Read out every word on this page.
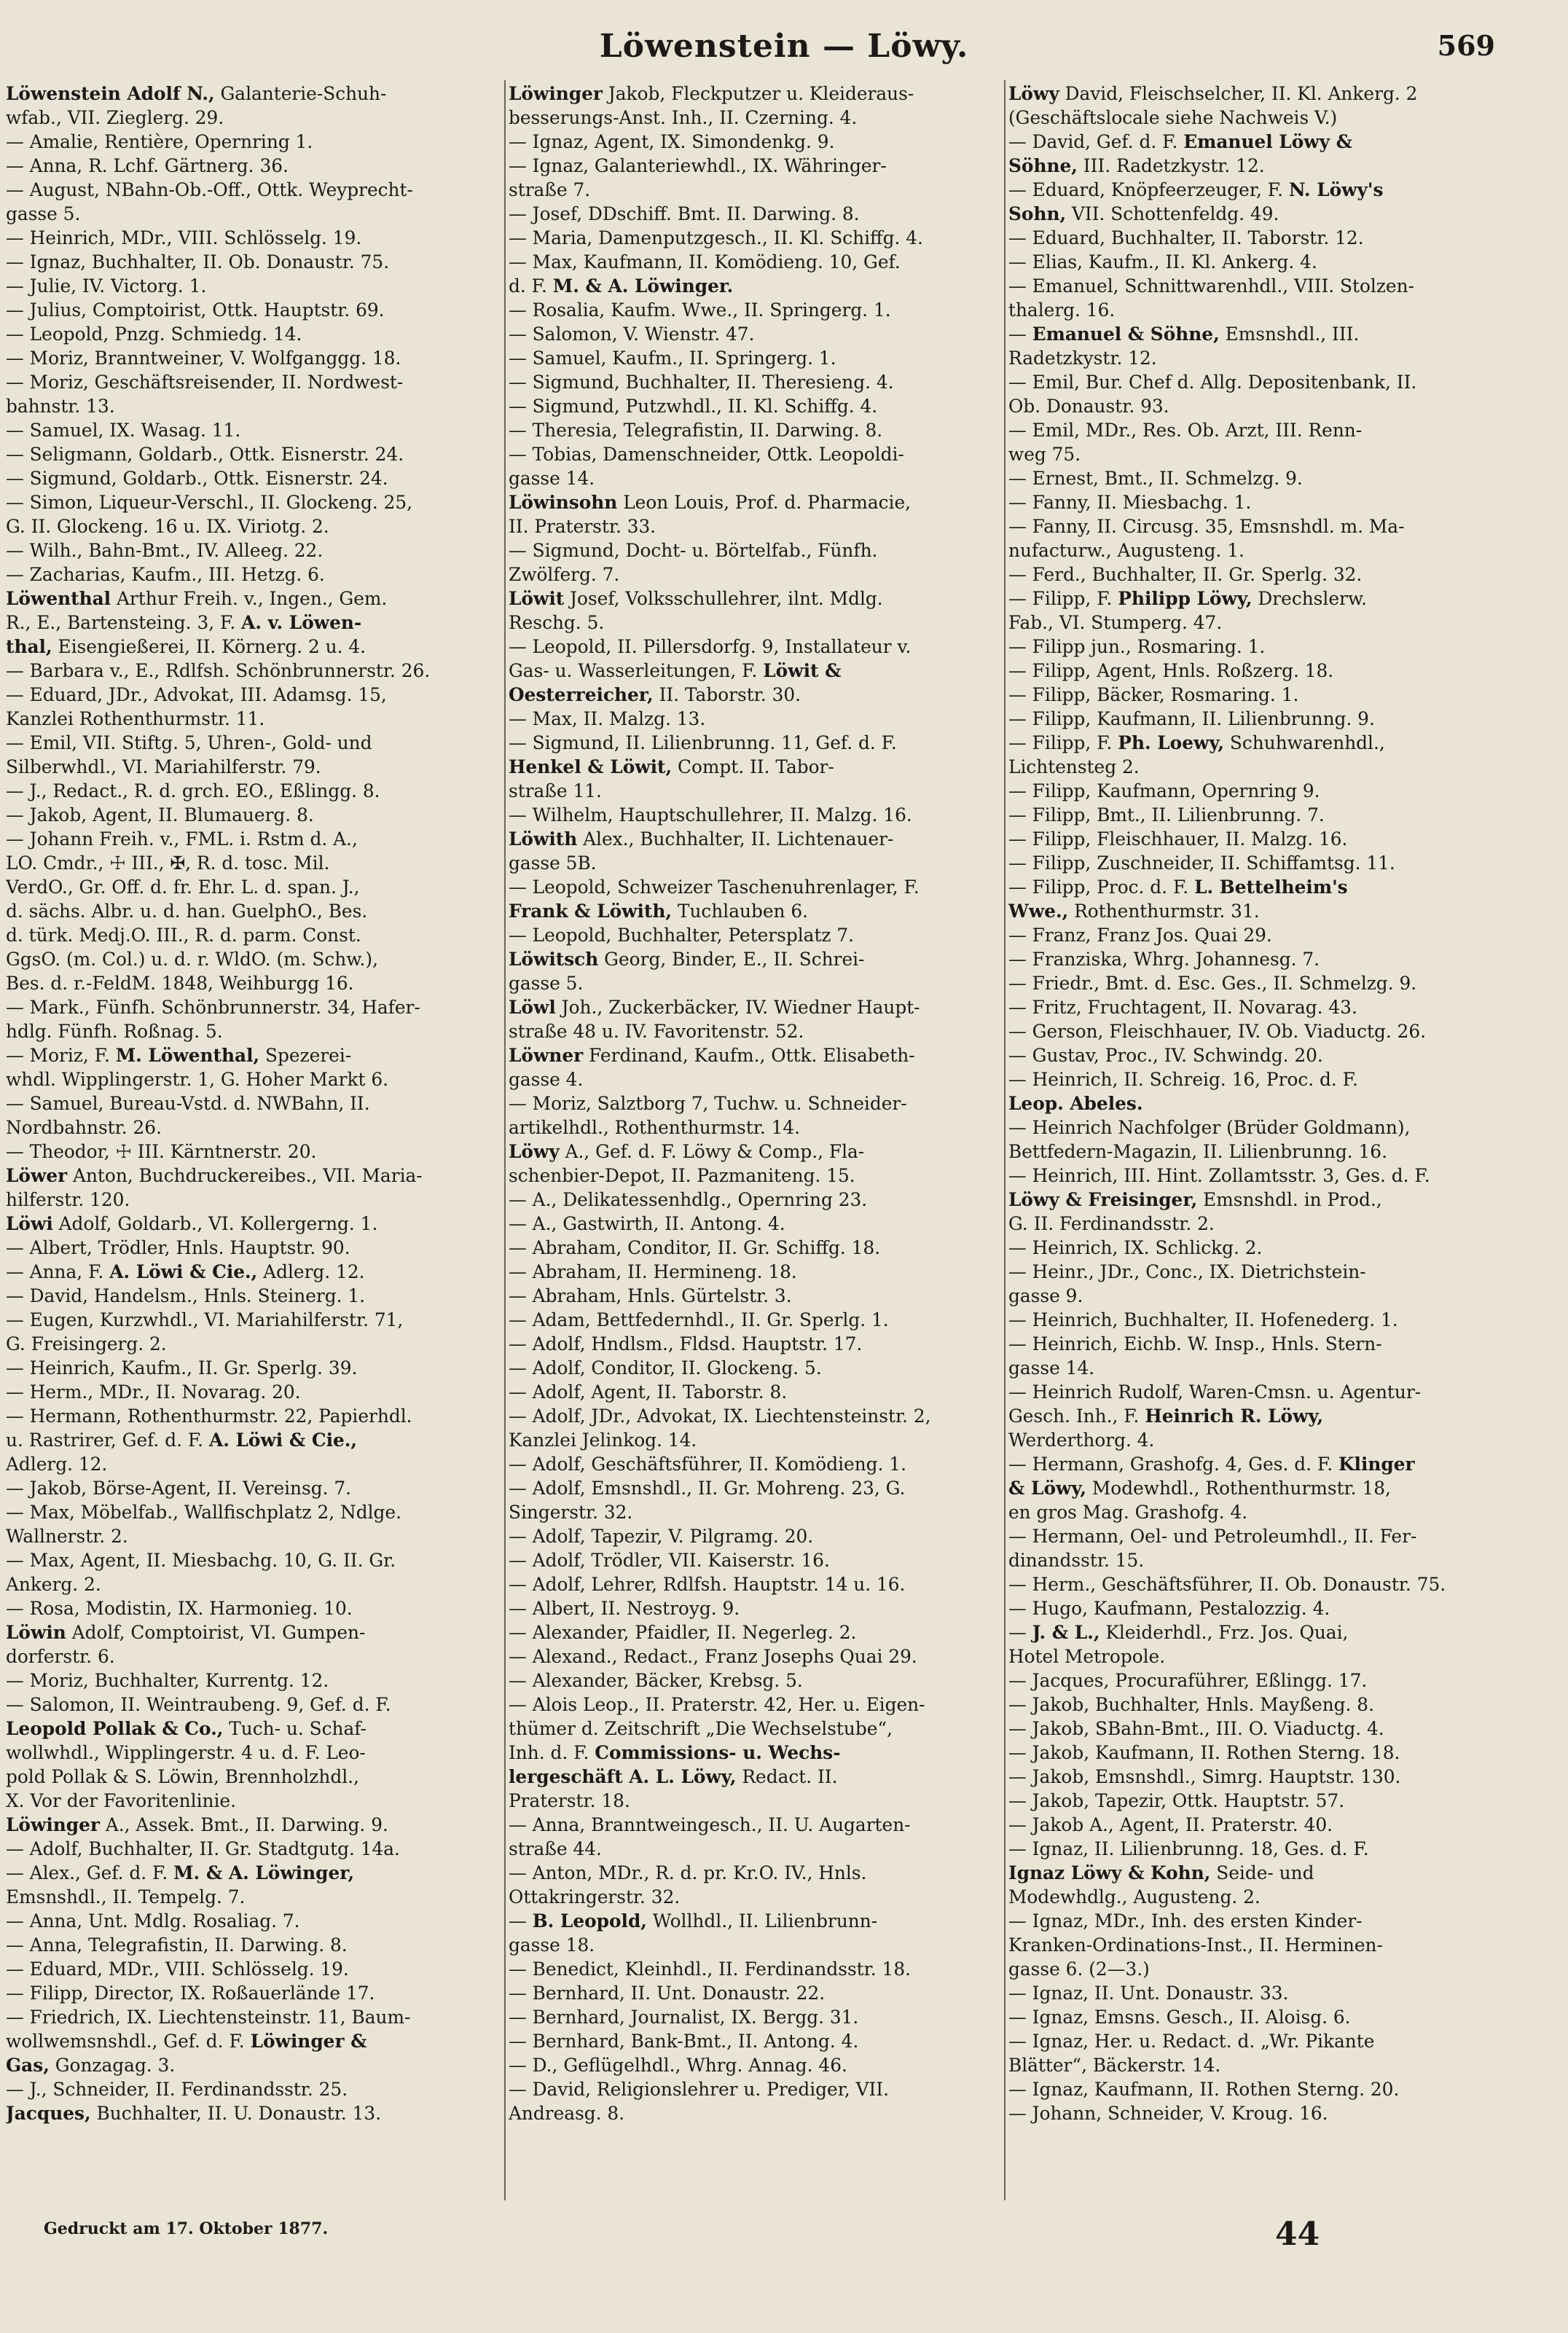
Löwenstein — Löwy.	569
Löwenstein Adolf N., Galanterie-Schuh-
wfab., VII. Zieglerg. 29.
— Amalie, Rentière, Opernring 1.
— Anna, R. Lchf. Gärtnerg. 36.
— August, NBahn-Ob.-Off., Ottk. Weyprecht-
gasse 5.
— Heinrich, MDr., VIII. Schlösselg. 19.
— Ignaz, Buchhalter, II. Ob. Donaustr. 75.
— Julie, IV. Victorg. 1.
— Julius, Comptoirist, Ottk. Hauptstr. 69.
— Leopold, Pnzg. Schmiedg. 14.
— Moriz, Branntweiner, V. Wolfganggg. 18.
— Moriz, Geschäftsreisender, II. Nordwest-
bahnstr. 13.
— Samuel, IX. Wasag. 11.
— Seligmann, Goldarb., Ottk. Eisnerstr. 24.
— Sigmund, Goldarb., Ottk. Eisnerstr. 24.
— Simon, Liqueur-Verschl., II. Glockeng. 25,
G. II. Glockeng. 16 u. IX. Viriotg. 2.
— Wilh., Bahn-Bmt., IV. Alleeg. 22.
— Zacharias, Kaufm., III. Hetzg. 6.
Löwenthal Arthur Freih. v., Ingen., Gem.
R., E., Bartensteing. 3, F. A. v. Löwen-
thal, Eisengießerei, II. Körnerg. 2 u. 4.
— Barbara v., E., Rdlfsh. Schönbrunnerstr. 26.
— Eduard, JDr., Advokat, III. Adamsg. 15,
Kanzlei Rothenthurmstr. 11.
— Emil, VII. Stiftg. 5, Uhren-, Gold- und
Silberwhdl., VI. Mariahilferstr. 79.
— J., Redact., R. d. grch. EO., Eßlingg. 8.
— Jakob, Agent, II. Blumauerg. 8.
— Johann Freih. v., FML. i. Rstm d. A.,
LO. Cmdr., ☩ III., ✠, R. d. tosc. Mil.
VerdO., Gr. Off. d. fr. Ehr. L. d. span. J.,
d. sächs. Albr. u. d. han. GuelphO., Bes.
d. türk. Medj.O. III., R. d. parm. Const.
GgsO. (m. Col.) u. d. r. WldO. (m. Schw.),
Bes. d. r.-FeldM. 1848, Weihburgg 16.
— Mark., Fünfh. Schönbrunnerstr. 34, Hafer-
hdlg. Fünfh. Roßnag. 5.
— Moriz, F. M. Löwenthal, Spezerei-
whdl. Wipplingerstr. 1, G. Hoher Markt 6.
— Samuel, Bureau-Vstd. d. NWBahn, II.
Nordbahnstr. 26.
— Theodor, ☩ III. Kärntnerstr. 20.
Löwer Anton, Buchdruckereibes., VII. Maria-
hilferstr. 120.
Löwi Adolf, Goldarb., VI. Kollergerng. 1.
— Albert, Trödler, Hnls. Hauptstr. 90.
— Anna, F. A. Löwi & Cie., Adlerg. 12.
— David, Handelsm., Hnls. Steinerg. 1.
— Eugen, Kurzwhdl., VI. Mariahilferstr. 71,
G. Freisingerg. 2.
— Heinrich, Kaufm., II. Gr. Sperlg. 39.
— Herm., MDr., II. Novarag. 20.
— Hermann, Rothenthurmstr. 22, Papierhdl.
u. Rastrirer, Gef. d. F. A. Löwi & Cie.,
Adlerg. 12.
— Jakob, Börse-Agent, II. Vereinsg. 7.
— Max, Möbelfab., Wallfischplatz 2, Ndlge.
Wallnerstr. 2.
— Max, Agent, II. Miesbachg. 10, G. II. Gr.
Ankerg. 2.
— Rosa, Modistin, IX. Harmonieg. 10.
Löwin Adolf, Comptoirist, VI. Gumpen-
dorferstr. 6.
— Moriz, Buchhalter, Kurrentg. 12.
— Salomon, II. Weintraubeng. 9, Gef. d. F.
Leopold Pollak & Co., Tuch- u. Schaf-
wollwhdl., Wipplingerstr. 4 u. d. F. Leo-
pold Pollak & S. Löwin, Brennholzhdl.,
X. Vor der Favoritenlinie.
Löwinger A., Assek. Bmt., II. Darwing. 9.
— Adolf, Buchhalter, II. Gr. Stadtgutg. 14a.
— Alex., Gef. d. F. M. & A. Löwinger,
Emsnshdl., II. Tempelg. 7.
— Anna, Unt. Mdlg. Rosaliag. 7.
— Anna, Telegrafistin, II. Darwing. 8.
— Eduard, MDr., VIII. Schlösselg. 19.
— Filipp, Director, IX. Roßauerlände 17.
— Friedrich, IX. Liechtensteinstr. 11, Baum-
wollwemsnshdl., Gef. d. F. Löwinger &
Gas, Gonzagag. 3.
— J., Schneider, II. Ferdinandsstr. 25.
Jacques, Buchhalter, II. U. Donaustr. 13.
Löwinger Jakob, Fleckputzer u. Kleideraus-
besserungs-Anst. Inh., II. Czerning. 4.
— Ignaz, Agent, IX. Simondenkg. 9.
— Ignaz, Galanteriewhdl., IX. Währinger-
straße 7.
— Josef, DDschiff. Bmt. II. Darwing. 8.
— Maria, Damenputzgesch., II. Kl. Schiffg. 4.
— Max, Kaufmann, II. Komödieng. 10, Gef.
d. F. M. & A. Löwinger.
— Rosalia, Kaufm. Wwe., II. Springerg. 1.
— Salomon, V. Wienstr. 47.
— Samuel, Kaufm., II. Springerg. 1.
— Sigmund, Buchhalter, II. Theresieng. 4.
— Sigmund, Putzwhdl., II. Kl. Schiffg. 4.
— Theresia, Telegrafistin, II. Darwing. 8.
— Tobias, Damenschneider, Ottk. Leopoldi-
gasse 14.
Löwinsohn Leon Louis, Prof. d. Pharmacie,
II. Praterstr. 33.
— Sigmund, Docht- u. Börtelfab., Fünfh.
Zwölferg. 7.
Löwit Josef, Volksschullehrer, ilnt. Mdlg.
Reschg. 5.
— Leopold, II. Pillersdorfg. 9, Installateur v.
Gas- u. Wasserleitungen, F. Löwit &
Oesterreicher, II. Taborstr. 30.
— Max, II. Malzg. 13.
— Sigmund, II. Lilienbrunng. 11, Gef. d. F.
Henkel & Löwit, Compt. II. Tabor-
straße 11.
— Wilhelm, Hauptschullehrer, II. Malzg. 16.
Löwith Alex., Buchhalter, II. Lichtenauer-
gasse 5B.
— Leopold, Schweizer Taschenuhrenlager, F.
Frank & Löwith, Tuchlauben 6.
— Leopold, Buchhalter, Petersplatz 7.
Löwitsch Georg, Binder, E., II. Schrei-
gasse 5.
Löwl Joh., Zuckerbäcker, IV. Wiedner Haupt-
straße 48 u. IV. Favoritenstr. 52.
Löwner Ferdinand, Kaufm., Ottk. Elisabeth-
gasse 4.
— Moriz, Salztborg 7, Tuchw. u. Schneider-
artikelhdl., Rothenthurmstr. 14.
Löwy A., Gef. d. F. Löwy & Comp., Fla-
schenbier-Depot, II. Pazmaniteng. 15.
— A., Delikatessenhdlg., Opernring 23.
— A., Gastwirth, II. Antong. 4.
— Abraham, Conditor, II. Gr. Schiffg. 18.
— Abraham, II. Hermineng. 18.
— Abraham, Hnls. Gürtelstr. 3.
— Adam, Bettfedernhdl., II. Gr. Sperlg. 1.
— Adolf, Hndlsm., Fldsd. Hauptstr. 17.
— Adolf, Conditor, II. Glockeng. 5.
— Adolf, Agent, II. Taborstr. 8.
— Adolf, JDr., Advokat, IX. Liechtensteinstr. 2,
Kanzlei Jelinkog. 14.
— Adolf, Geschäftsführer, II. Komödieng. 1.
— Adolf, Emsnshdl., II. Gr. Mohreng. 23, G.
Singerstr. 32.
— Adolf, Tapezir, V. Pilgramg. 20.
— Adolf, Trödler, VII. Kaiserstr. 16.
— Adolf, Lehrer, Rdlfsh. Hauptstr. 14 u. 16.
— Albert, II. Nestroyg. 9.
— Alexander, Pfaidler, II. Negerleg. 2.
— Alexand., Redact., Franz Josephs Quai 29.
— Alexander, Bäcker, Krebsg. 5.
— Alois Leop., II. Praterstr. 42, Her. u. Eigen-
thümer d. Zeitschrift „Die Wechselstube“,
Inh. d. F. Commissions- u. Wechs-
lergeschäft A. L. Löwy, Redact. II.
Praterstr. 18.
— Anna, Branntweingesch., II. U. Augarten-
straße 44.
— Anton, MDr., R. d. pr. Kr.O. IV., Hnls.
Ottakringerstr. 32.
— B. Leopold, Wollhdl., II. Lilienbrunn-
gasse 18.
— Benedict, Kleinhdl., II. Ferdinandsstr. 18.
— Bernhard, II. Unt. Donaustr. 22.
— Bernhard, Journalist, IX. Bergg. 31.
— Bernhard, Bank-Bmt., II. Antong. 4.
— D., Geflügelhdl., Whrg. Annag. 46.
— David, Religionslehrer u. Prediger, VII.
Andreasg. 8.
Löwy David, Fleischselcher, II. Kl. Ankerg. 2
(Geschäftslocale siehe Nachweis V.)
— David, Gef. d. F. Emanuel Löwy &
Söhne, III. Radetzkystr. 12.
— Eduard, Knöpfeerzeuger, F. N. Löwy's
Sohn, VII. Schottenfeldg. 49.
— Eduard, Buchhalter, II. Taborstr. 12.
— Elias, Kaufm., II. Kl. Ankerg. 4.
— Emanuel, Schnittwarenhdl., VIII. Stolzen-
thalerg. 16.
— Emanuel & Söhne, Emsnshdl., III.
Radetzkystr. 12.
— Emil, Bur. Chef d. Allg. Depositenbank, II.
Ob. Donaustr. 93.
— Emil, MDr., Res. Ob. Arzt, III. Renn-
weg 75.
— Ernest, Bmt., II. Schmelzg. 9.
— Fanny, II. Miesbachg. 1.
— Fanny, II. Circusg. 35, Emsnshdl. m. Ma-
nufacturw., Augusteng. 1.
— Ferd., Buchhalter, II. Gr. Sperlg. 32.
— Filipp, F. Philipp Löwy, Drechslerw.
Fab., VI. Stumperg. 47.
— Filipp jun., Rosmaring. 1.
— Filipp, Agent, Hnls. Roßzerg. 18.
— Filipp, Bäcker, Rosmaring. 1.
— Filipp, Kaufmann, II. Lilienbrunng. 9.
— Filipp, F. Ph. Loewy, Schuhwarenhdl.,
Lichtensteg 2.
— Filipp, Kaufmann, Opernring 9.
— Filipp, Bmt., II. Lilienbrunng. 7.
— Filipp, Fleischhauer, II. Malzg. 16.
— Filipp, Zuschneider, II. Schiffamtsg. 11.
— Filipp, Proc. d. F. L. Bettelheim's
Wwe., Rothenthurmstr. 31.
— Franz, Franz Jos. Quai 29.
— Franziska, Whrg. Johannesg. 7.
— Friedr., Bmt. d. Esc. Ges., II. Schmelzg. 9.
— Fritz, Fruchtagent, II. Novarag. 43.
— Gerson, Fleischhauer, IV. Ob. Viaductg. 26.
— Gustav, Proc., IV. Schwindg. 20.
— Heinrich, II. Schreig. 16, Proc. d. F.
Leop. Abeles.
— Heinrich Nachfolger (Brüder Goldmann),
Bettfedern-Magazin, II. Lilienbrunng. 16.
— Heinrich, III. Hint. Zollamtsstr. 3, Ges. d. F.
Löwy & Freisinger, Emsnshdl. in Prod.,
G. II. Ferdinandsstr. 2.
— Heinrich, IX. Schlickg. 2.
— Heinr., JDr., Conc., IX. Dietrichstein-
gasse 9.
— Heinrich, Buchhalter, II. Hofenederg. 1.
— Heinrich, Eichb. W. Insp., Hnls. Stern-
gasse 14.
— Heinrich Rudolf, Waren-Cmsn. u. Agentur-
Gesch. Inh., F. Heinrich R. Löwy,
Werderthorg. 4.
— Hermann, Grashofg. 4, Ges. d. F. Klinger
& Löwy, Modewhdl., Rothenthurmstr. 18,
en gros Mag. Grashofg. 4.
— Hermann, Oel- und Petroleumhdl., II. Fer-
dinandsstr. 15.
— Herm., Geschäftsführer, II. Ob. Donaustr. 75.
— Hugo, Kaufmann, Pestalozzig. 4.
— J. & L., Kleiderhdl., Frz. Jos. Quai,
Hotel Metropole.
— Jacques, Procuraführer, Eßlingg. 17.
— Jakob, Buchhalter, Hnls. Mayßeng. 8.
— Jakob, SBahn-Bmt., III. O. Viaductg. 4.
— Jakob, Kaufmann, II. Rothen Sterng. 18.
— Jakob, Emsnshdl., Simrg. Hauptstr. 130.
— Jakob, Tapezir, Ottk. Hauptstr. 57.
— Jakob A., Agent, II. Praterstr. 40.
— Ignaz, II. Lilienbrunng. 18, Ges. d. F.
Ignaz Löwy & Kohn, Seide- und
Modewhdlg., Augusteng. 2.
— Ignaz, MDr., Inh. des ersten Kinder-
Kranken-Ordinations-Inst., II. Herminen-
gasse 6. (2—3.)
— Ignaz, II. Unt. Donaustr. 33.
— Ignaz, Emsns. Gesch., II. Aloisg. 6.
— Ignaz, Her. u. Redact. d. „Wr. Pikante
Blätter“, Bäckerstr. 14.
— Ignaz, Kaufmann, II. Rothen Sterng. 20.
— Johann, Schneider, V. Kroug. 16.
Gedruckt am 17. Oktober 1877.	44
